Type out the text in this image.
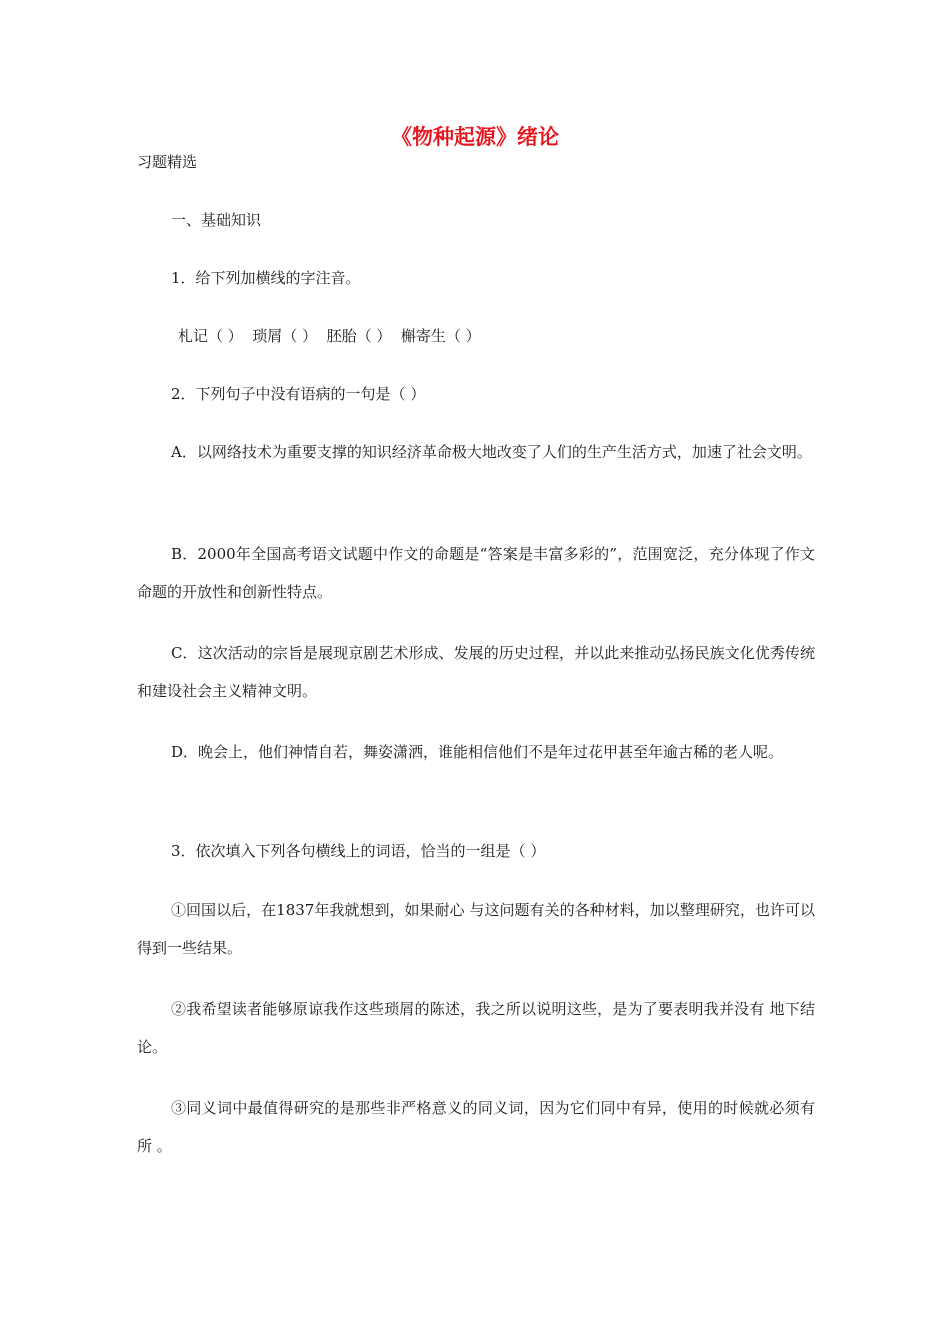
《物种起源》绪论
习题精选
一、基础知识
1．给下列加横线的字注音。
札记（ ）  琐屑（ ）  胚胎（ ）  槲寄生（ ）
2．下列句子中没有语病的一句是（ ）
A．以网络技术为重要支撑的知识经济革命极大地改变了人们的生产生活方式，加速了社会文明。
B．2000年全国高考语文试题中作文的命题是“答案是丰富多彩的”，范围宽泛，充分体现了作文命题的开放性和创新性特点。
C．这次活动的宗旨是展现京剧艺术形成、发展的历史过程，并以此来推动弘扬民族文化优秀传统和建设社会主义精神文明。
D．晚会上，他们神情自若，舞姿潇洒，谁能相信他们不是年过花甲甚至年逾古稀的老人呢。
3．依次填入下列各句横线上的词语，恰当的一组是（ ）
①回国以后，在1837年我就想到，如果耐心 与这问题有关的各种材料，加以整理研究，也许可以得到一些结果。
②我希望读者能够原谅我作这些琐屑的陈述，我之所以说明这些，是为了要表明我并没有 地下结论。
③同义词中最值得研究的是那些非严格意义的同义词，因为它们同中有异，使用的时候就必须有所 。
